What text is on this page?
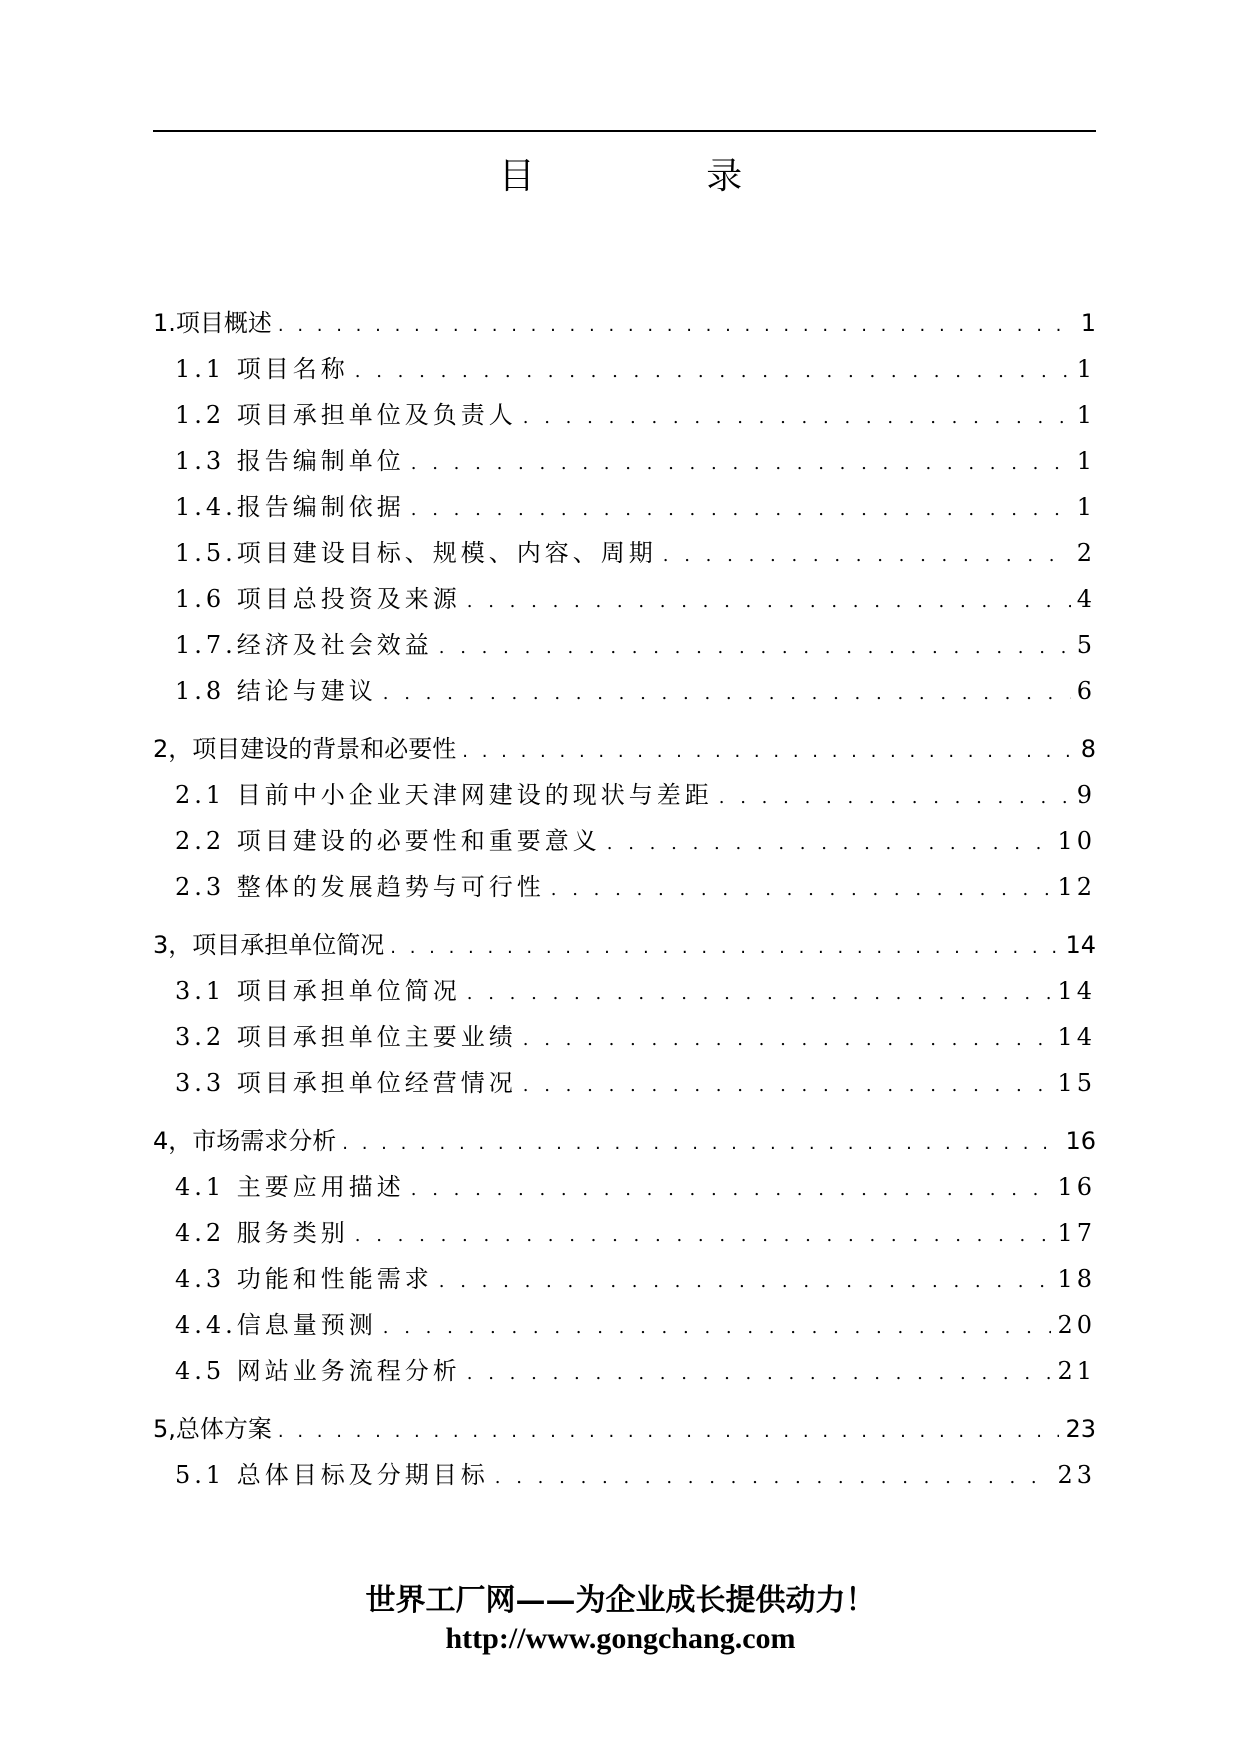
目 录
1.项目概述 . . .	1
1.1 项目名称 . . .	1
1.2 项目承担单位及负责人 . . .	1
1.3 报告编制单位 . . .	1
1.4.报告编制依据 . . .	1
1.5.项目建设目标、规模、内容、周期 . . .	2
1.6 项目总投资及来源 . . .	4
1.7.经济及社会效益 . . .	5
1.8 结论与建议 . . .	6
2，项目建设的背景和必要性 . . .	8
2.1 目前中小企业天津网建设的现状与差距 . . .	9
2.2 项目建设的必要性和重要意义 . . .	10
2.3 整体的发展趋势与可行性 . . .	12
3，项目承担单位简况 . . .	14
3.1 项目承担单位简况 . . .	14
3.2 项目承担单位主要业绩 . . .	14
3.3 项目承担单位经营情况 . . .	15
4，市场需求分析 . . .	16
4.1 主要应用描述 . . .	16
4.2 服务类别 . . .	17
4.3 功能和性能需求 . . .	18
4.4.信息量预测 . . .	20
4.5 网站业务流程分析 . . .	21
5,总体方案 . . .	23
5.1 总体目标及分期目标 . . .	23
世界工厂网——为企业成长提供动力！
http://www.gongchang.com
